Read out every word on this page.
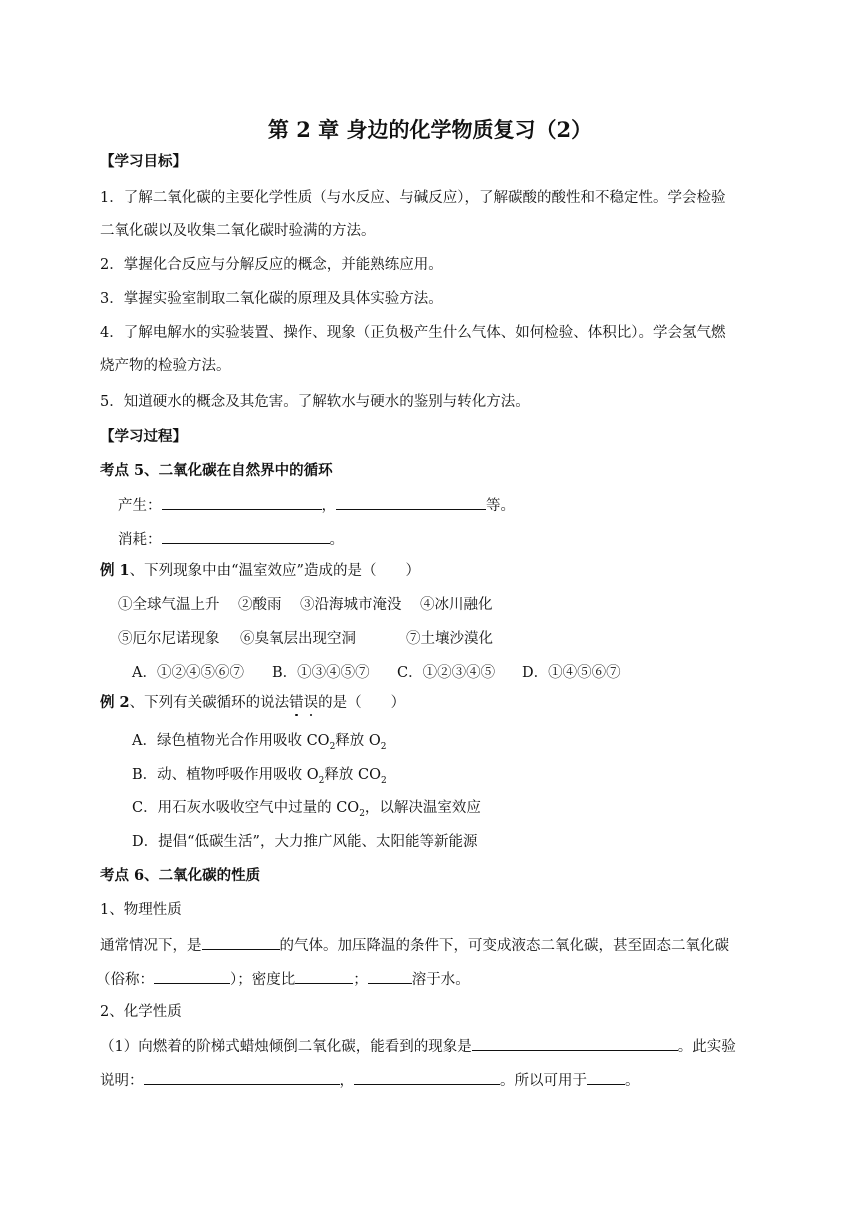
第 2 章 身边的化学物质复习（2）
【学习目标】
1．了解二氧化碳的主要化学性质（与水反应、与碱反应），了解碳酸的酸性和不稳定性。学会检验
二氧化碳以及收集二氧化碳时验满的方法。
2．掌握化合反应与分解反应的概念，并能熟练应用。
3．掌握实验室制取二氧化碳的原理及具体实验方法。
4．了解电解水的实验装置、操作、现象（正负极产生什么气体、如何检验、体积比）。学会氢气燃
烧产物的检验方法。
5．知道硬水的概念及其危害。了解软水与硬水的鉴别与转化方法。
【学习过程】
考点 5、二氧化碳在自然界中的循环
产生：	，	等。
消耗：	。
例 1、下列现象中由“温室效应”造成的是（　　）
①全球气温上升 ②酸雨 ③沿海城市淹没 ④冰川融化
⑤厄尔尼诺现象 ⑥臭氧层出现空洞	⑦土壤沙漠化
A．①②④⑤⑥⑦ B．①③④⑤⑦ C．①②③④⑤ D．①④⑤⑥⑦
例 2、下列有关碳循环的说法错误的是（　　）
A．绿色植物光合作用吸收 $CO_2$释放 $O_2$
B．动、植物呼吸作用吸收 $O_2$释放 $CO_2$
C．用石灰水吸收空气中过量的 $CO_2$，以解决温室效应
D．提倡“低碳生活”，大力推广风能、太阳能等新能源
考点 6、二氧化碳的性质
1、物理性质
通常情况下，是	的气体。加压降温的条件下，可变成液态二氧化碳，甚至固态二氧化碳
（俗称：	）；密度比	；	溶于水。
2、化学性质
（1）向燃着的阶梯式蜡烛倾倒二氧化碳，能看到的现象是	。此实验
说明：	，	。所以可用于	。
